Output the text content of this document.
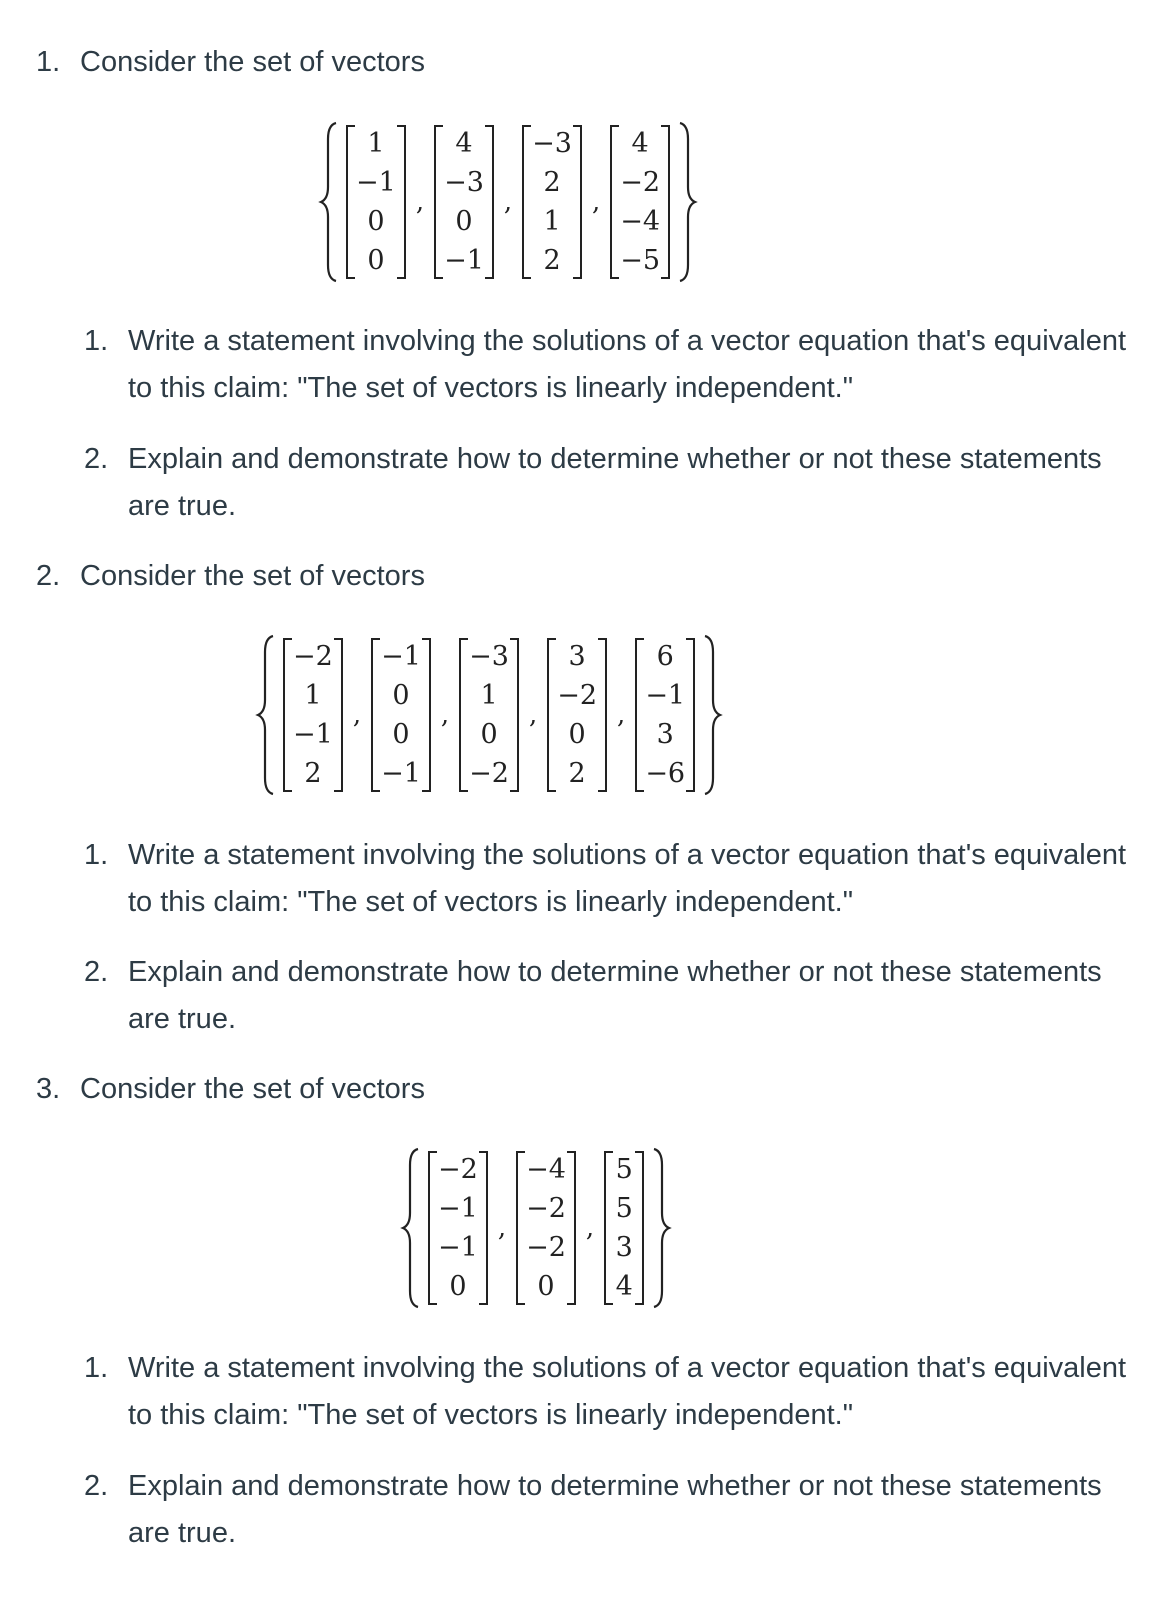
1. Consider the set of vectors
1
−1
0
0
,
4
−3
0
−1
,
−3
2
1
2
,
4
−2
−4
−5
1. Write a statement involving the solutions of a vector equation that's equivalent to this claim: "The set of vectors is linearly independent."
2. Explain and demonstrate how to determine whether or not these statements are true.
2. Consider the set of vectors
−2
1
−1
2
,
−1
0
0
−1
,
−3
1
0
−2
,
3
−2
0
2
,
6
−1
3
−6
1. Write a statement involving the solutions of a vector equation that's equivalent to this claim: "The set of vectors is linearly independent."
2. Explain and demonstrate how to determine whether or not these statements are true.
3. Consider the set of vectors
−2
−1
−1
0
,
−4
−2
−2
0
,
5
5
3
4
1. Write a statement involving the solutions of a vector equation that's equivalent to this claim: "The set of vectors is linearly independent."
2. Explain and demonstrate how to determine whether or not these statements are true.
